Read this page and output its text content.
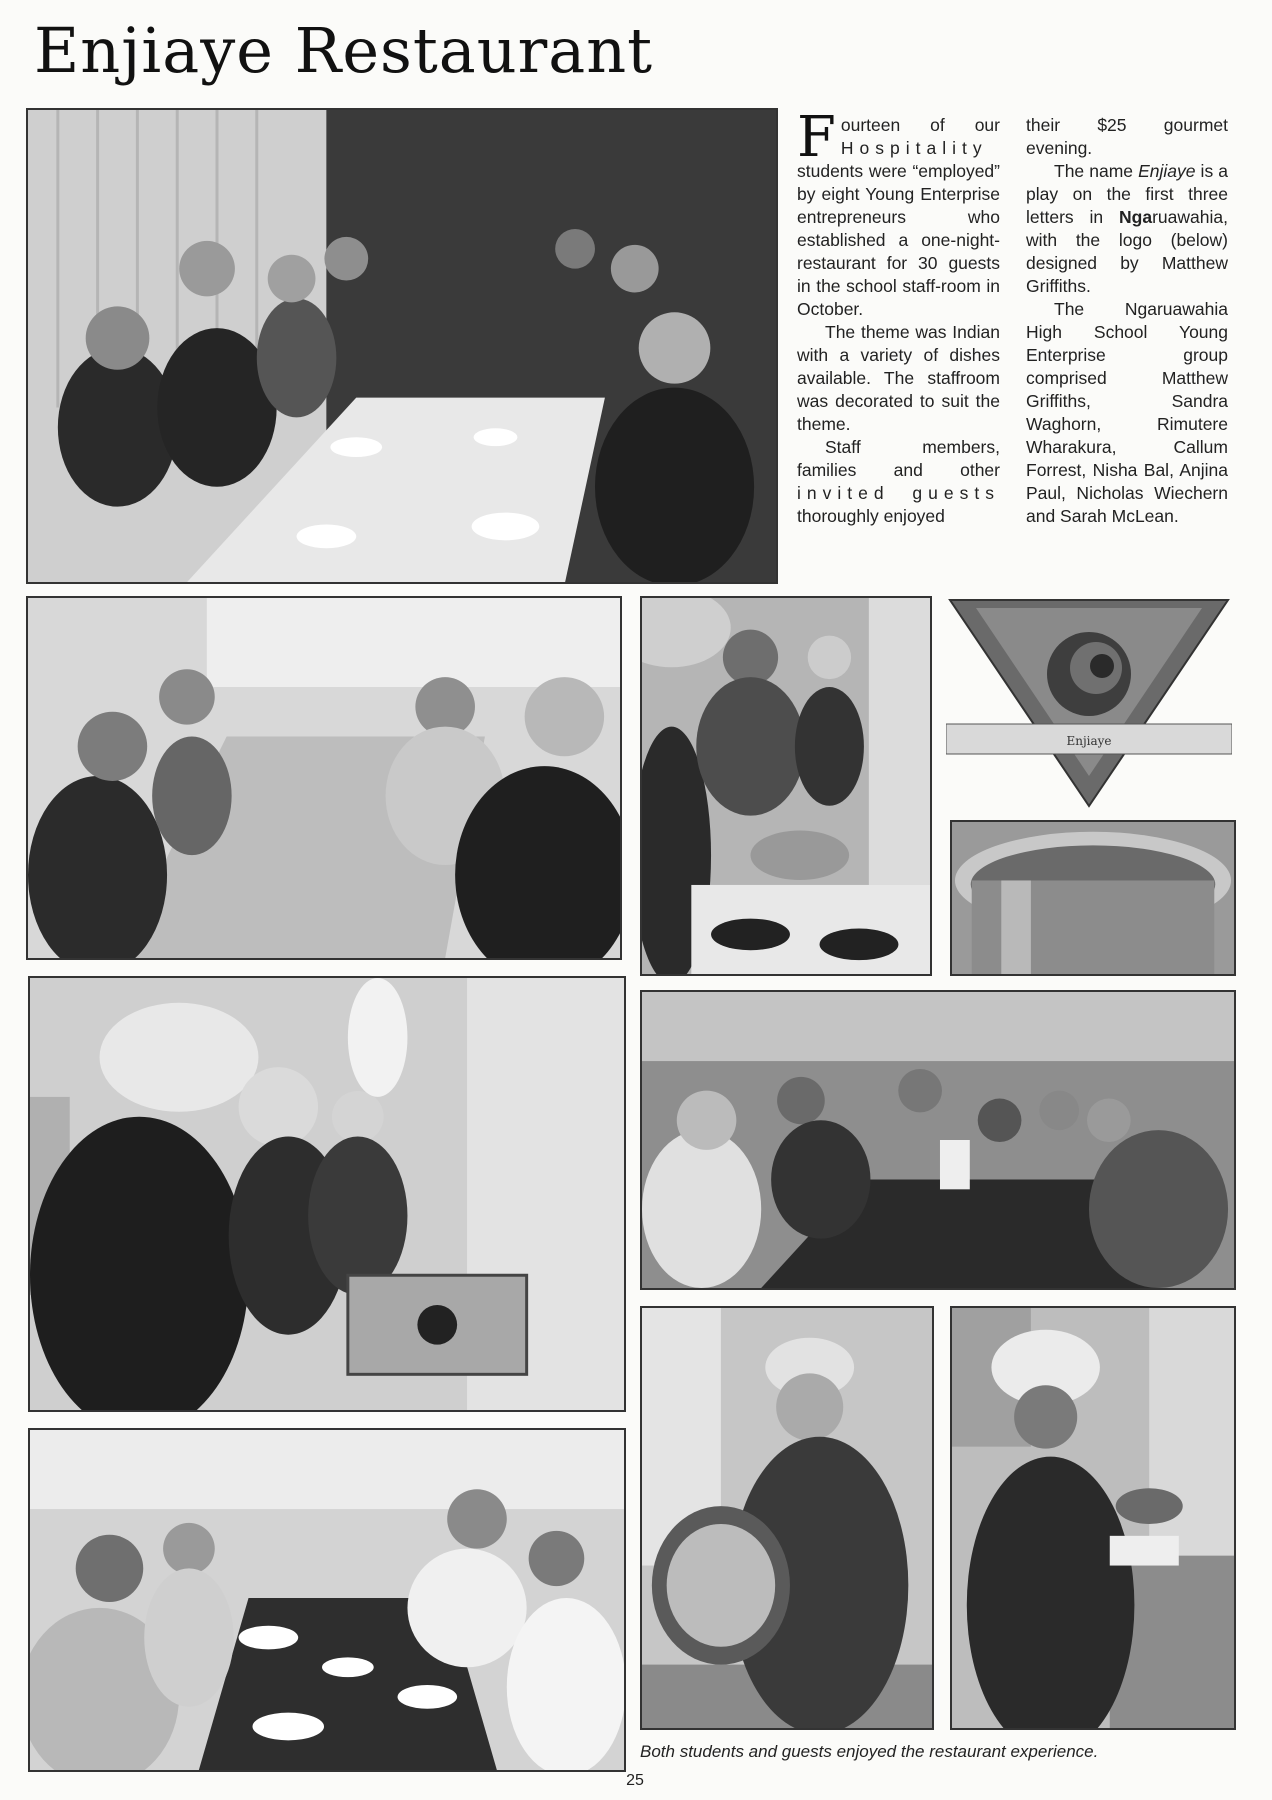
Enjiaye Restaurant

Fourteen of our Hospitality students were “employed” by eight Young Enterprise entrepreneurs who established a one-night-restaurant for 30 guests in the school staff-room in October.

The theme was Indian with a variety of dishes available. The staffroom was decorated to suit the theme.

Staff members, families and other invited guests thoroughly enjoyed

their $25 gourmet evening.

The name Enjiaye is a play on the first three letters in Ngaruawahia, with the logo (below) designed by Matthew Griffiths.

The Ngaruawahia High School Young Enterprise group comprised Matthew Griffiths, Sandra Waghorn, Rimutere Wharakura, Callum Forrest, Nisha Bal, Anjina Paul, Nicholas Wiechern and Sarah McLean.

Enjiaye
Both students and guests enjoyed the restaurant experience.
25
